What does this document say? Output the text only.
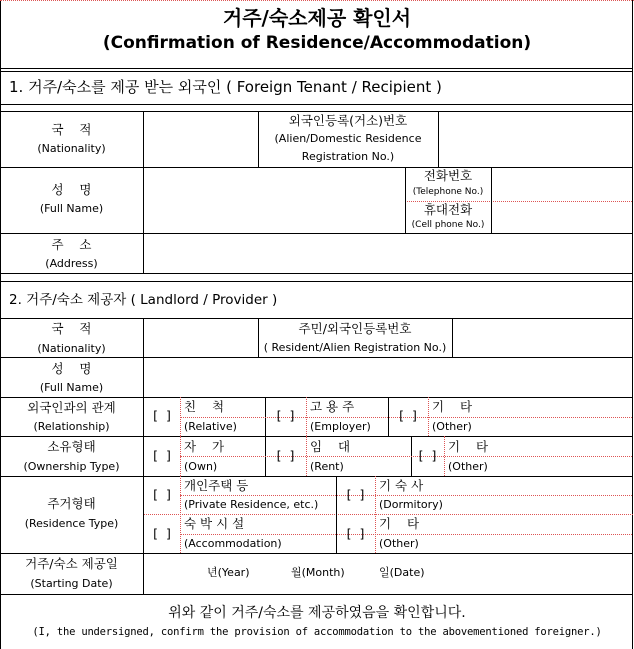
거주/숙소제공 확인서
(Confirmation of Residence/Accommodation)
1. 거주/숙소를 제공 받는 외국인 ( Foreign Tenant / Recipient )
국    적
(Nationality)
외국인등록(거소)번호
(Alien/Domestic Residence
Registration No.)
성    명
(Full Name)
전화번호
(Telephone No.)
휴대전화
(Cell phone No.)
주    소
(Address)
2. 거주/숙소 제공자 ( Landlord / Provider )
국    적
(Nationality)
주민/외국인등록번호
( Resident/Alien Registration No.)
성    명
(Full Name)
외국인과의 관계
(Relationship)
[  ]
친    척
(Relative)
[  ]
고 용 주
(Employer)
[  ]
기    타
(Other)
소유형태
(Ownership Type)
[  ]
자    가
(Own)
[  ]
임    대
(Rent)
[  ]
기    타
(Other)
주거형태
(Residence Type)
[  ]
개인주택 등
(Private Residence, etc.)
[  ]
기 숙 사
(Dormitory)
[  ]
숙 박 시 설
(Accommodation)
[  ]
기    타
(Other)
거주/숙소 제공일
(Starting Date)
년(Year)	월(Month)	일(Date)
위와 같이 거주/숙소를 제공하였음을 확인합니다.
(I, the undersigned, confirm the provision of accommodation to the abovementioned foreigner.)
